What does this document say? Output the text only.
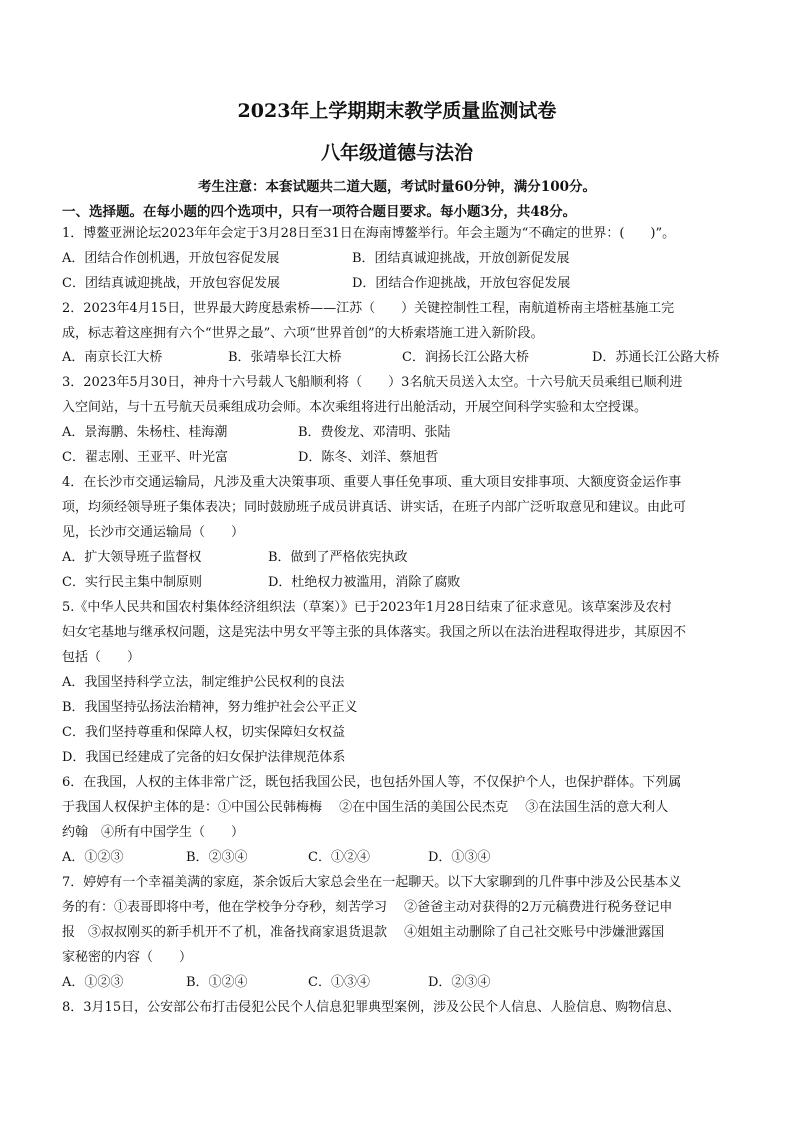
2023年上学期期末教学质量监测试卷
八年级道德与法治
考生注意：本套试题共二道大题，考试时量60分钟，满分100分。
一、选择题。在每小题的四个选项中，只有一项符合题目要求。每小题3分，共48分。
1．博鳌亚洲论坛2023年年会定于3月28日至31日在海南博鳌举行。年会主题为“不确定的世界：(　　)”。
A．团结合作创机遇，开放包容促发展	B．团结真诚迎挑战，开放创新促发展
C．团结真诚迎挑战，开放包容促发展	D．团结合作迎挑战，开放包容促发展
2．2023年4月15日，世界最大跨度悬索桥——江苏（　　）关键控制性工程，南航道桥南主塔桩基施工完
成，标志着这座拥有六个“世界之最”、六项“世界首创”的大桥索塔施工进入新阶段。
A．南京长江大桥	B．张靖皋长江大桥	C．润扬长江公路大桥	D．苏通长江公路大桥
3．2023年5月30日，神舟十六号载人飞船顺利将（　　）3名航天员送入太空。十六号航天员乘组已顺利进
入空间站，与十五号航天员乘组成功会师。本次乘组将进行出舱活动，开展空间科学实验和太空授课。
A．景海鹏、朱杨柱、桂海潮	B．费俊龙、邓清明、张陆
C．翟志刚、王亚平、叶光富	D．陈冬、刘洋、蔡旭哲
4．在长沙市交通运输局，凡涉及重大决策事项、重要人事任免事项、重大项目安排事项、大额度资金运作事
项，均须经领导班子集体表决；同时鼓励班子成员讲真话、讲实话，在班子内部广泛听取意见和建议。由此可
见，长沙市交通运输局（　　）
A．扩大领导班子监督权	B．做到了严格依宪执政
C．实行民主集中制原则	D．杜绝权力被滥用，消除了腐败
5.《中华人民共和国农村集体经济组织法（草案）》已于2023年1月28日结束了征求意见。该草案涉及农村
妇女宅基地与继承权问题，这是宪法中男女平等主张的具体落实。我国之所以在法治进程取得进步，其原因不
包括（　　）
A．我国坚持科学立法，制定维护公民权利的良法
B．我国坚持弘扬法治精神，努力维护社会公平正义
C．我们坚持尊重和保障人权，切实保障妇女权益
D．我国已经建成了完备的妇女保护法律规范体系
6．在我国，人权的主体非常广泛，既包括我国公民，也包括外国人等，不仅保护个人，也保护群体。下列属
于我国人权保护主体的是：①中国公民韩梅梅　 ②在中国生活的美国公民杰克　 ③在法国生活的意大利人
约翰　④所有中国学生（　　）
A．①②③	B．②③④	C．①②④	D．①③④
7．婷婷有一个幸福美满的家庭，茶余饭后大家总会坐在一起聊天。以下大家聊到的几件事中涉及公民基本义
务的有：①表哥即将中考，他在学校争分夺秒，刻苦学习　 ②爸爸主动对获得的2万元稿费进行税务登记申
报　③叔叔刚买的新手机开不了机，准备找商家退货退款　 ④姐姐主动删除了自己社交账号中涉嫌泄露国
家秘密的内容（　　）
A．①②③	B．①②④	C．①③④	D．②③④
8．3月15日，公安部公布打击侵犯公民个人信息犯罪典型案例，涉及公民个人信息、人脸信息、购物信息、
